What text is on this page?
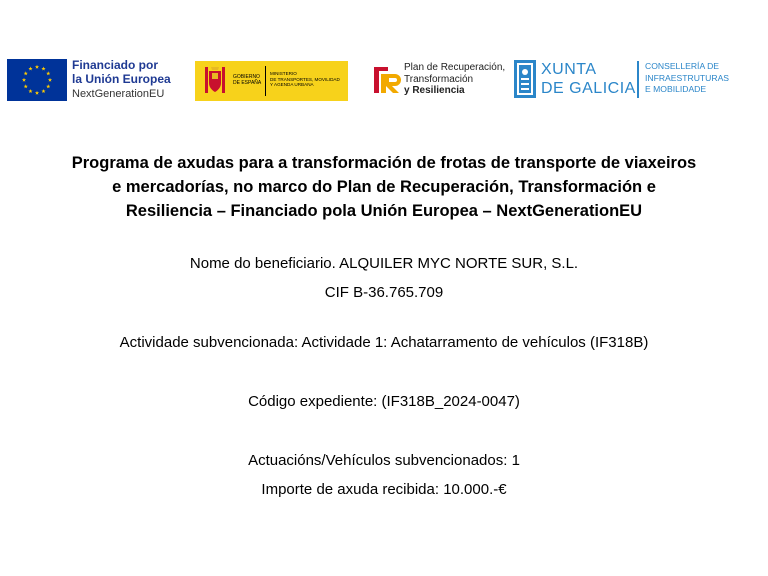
Financiado por
la Unión Europea
NextGenerationEU
GOBIERNO
DE ESPAÑA
MINISTERIO
DE TRANSPORTES, MOVILIDAD
Y AGENDA URBANA
Plan de Recuperación,
Transformación
y Resiliencia
XUNTA
DE GALICIA
CONSELLERÍA DE
INFRAESTRUTURAS
E MOBILIDADE
Programa de axudas para a transformación de frotas de transporte de viaxeiros
e mercadorías, no marco do Plan de Recuperación, Transformación e
Resiliencia – Financiado pola Unión Europea – NextGenerationEU
Nome do beneficiario. ALQUILER MYC NORTE SUR, S.L.
CIF B-36.765.709
Actividade subvencionada: Actividade 1: Achatarramento de vehículos (IF318B)
Código expediente: (IF318B_2024-0047)
Actuacións/Vehículos subvencionados: 1
Importe de axuda recibida: 10.000.-€
